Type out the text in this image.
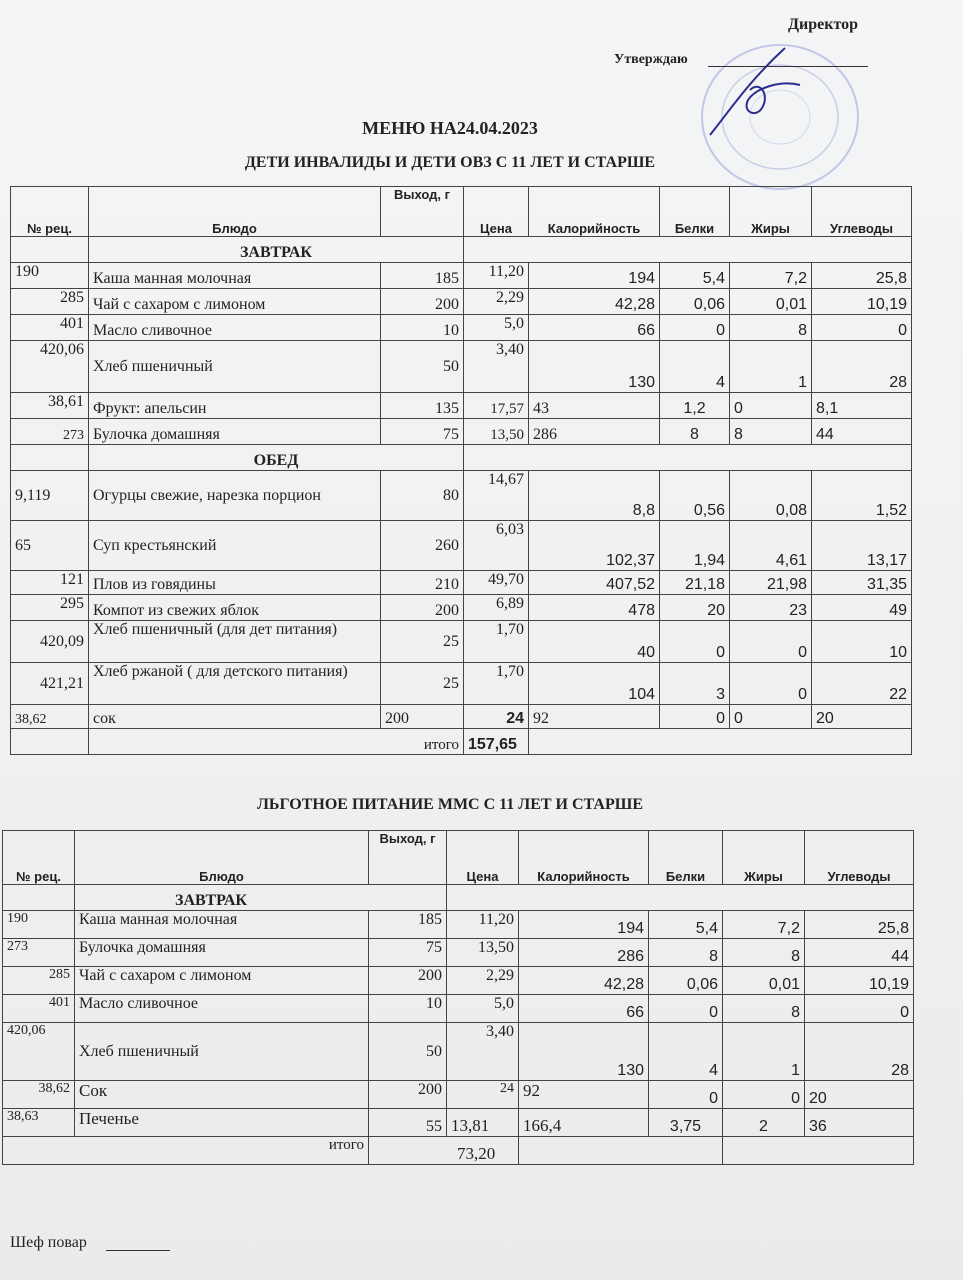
Директор
Утверждаю
МЕНЮ НА24.04.2023
ДЕТИ ИНВАЛИДЫ И ДЕТИ ОВЗ С 11 ЛЕТ И СТАРШЕ
№ рец.	Блюдо	Выход, г	Цена	Калорийность	Белки	Жиры	Углеводы
	ЗАВТРАК						
190	Каша манная молочная	185	11,20	194	5,4	7,2	25,8
285	Чай с сахаром с лимоном	200	2,29	42,28	0,06	0,01	10,19
401	Масло сливочное	10	5,0	66	0	8	0
420,06	Хлеб пшеничный	50	3,40	130	4	1	28
38,61	Фрукт: апельсин	135	17,57	43	1,2	0	8,1
273	Булочка домашняя	75	13,50	286	8	8	44
	ОБЕД						
9,119	Огурцы свежие, нарезка порцион	80	14,67	8,8	0,56	0,08	1,52
65	Суп крестьянский	260	6,03	102,37	1,94	4,61	13,17
121	Плов из говядины	210	49,70	407,52	21,18	21,98	31,35
295	Компот из свежих яблок	200	6,89	478	20	23	49
420,09	Хлеб пшеничный (для дет питания)	25	1,70	40	0	0	10
421,21	Хлеб ржаной ( для детского питания)	25	1,70	104	3	0	22
38,62	сок	200	24	92	0	0	20
	итого		157,65				
ЛЬГОТНОЕ ПИТАНИЕ ММС С 11 ЛЕТ И СТАРШЕ
№ рец.	Блюдо	Выход, г	Цена	Калорийность	Белки	Жиры	Углеводы
	ЗАВТРАК						
190	Каша манная молочная	185	11,20	194	5,4	7,2	25,8
273	Булочка домашняя	75	13,50	286	8	8	44
285	Чай с сахаром с лимоном	200	2,29	42,28	0,06	0,01	10,19
401	Масло сливочное	10	5,0	66	0	8	0
420,06	Хлеб пшеничный	50	3,40	130	4	1	28
38,62	Сок	200	24	92	0	0	20
38,63	Печенье	55	13,81	166,4	3,75	2	36
итого		73,20					
Шеф повар
